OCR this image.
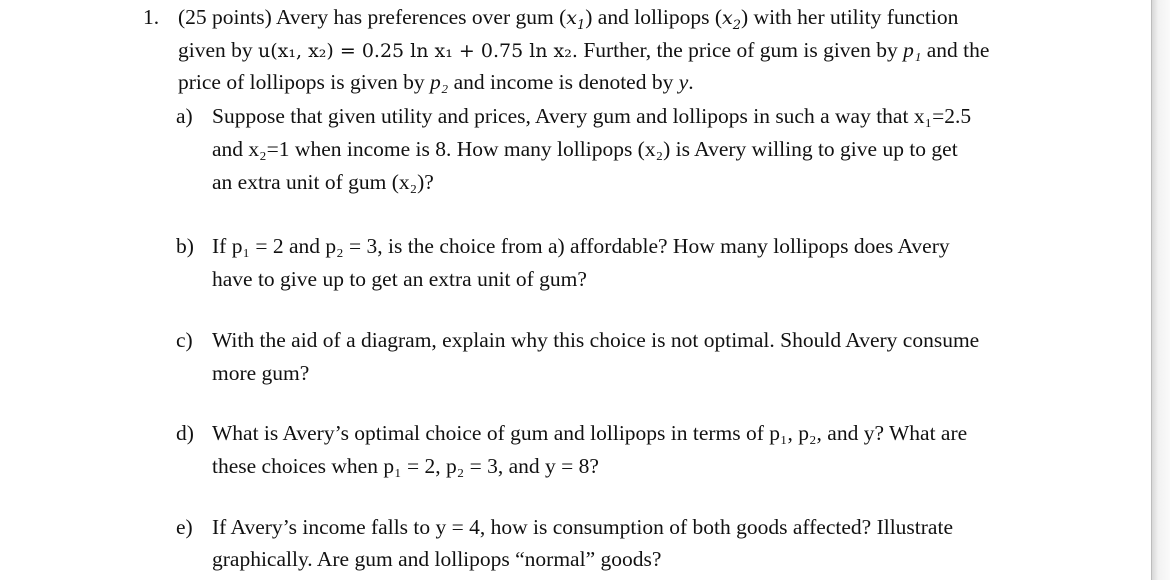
1. (25 points) Avery has preferences over gum $(x_1)$ and lollipops $(x_2)$ with her utility function
given by u(x₁, x₂) = 0.25 ln x₁ + 0.75 ln x₂. Further, the price of gum is given by p₁ and the
price of lollipops is given by p₂ and income is denoted by y.
a) Suppose that given utility and prices, Avery gum and lollipops in such a way that x₁=2.5
and x₂=1 when income is 8. How many lollipops (x₂) is Avery willing to give up to get
an extra unit of gum (x₂)?
b) If p₁ = 2 and p₂ = 3, is the choice from a) affordable? How many lollipops does Avery
have to give up to get an extra unit of gum?
c) With the aid of a diagram, explain why this choice is not optimal. Should Avery consume
more gum?
d) What is Avery’s optimal choice of gum and lollipops in terms of p₁, p₂, and y? What are
these choices when p₁ = 2, p₂ = 3, and y = 8?
e) If Avery’s income falls to y = 4, how is consumption of both goods affected? Illustrate
graphically. Are gum and lollipops “normal” goods?
